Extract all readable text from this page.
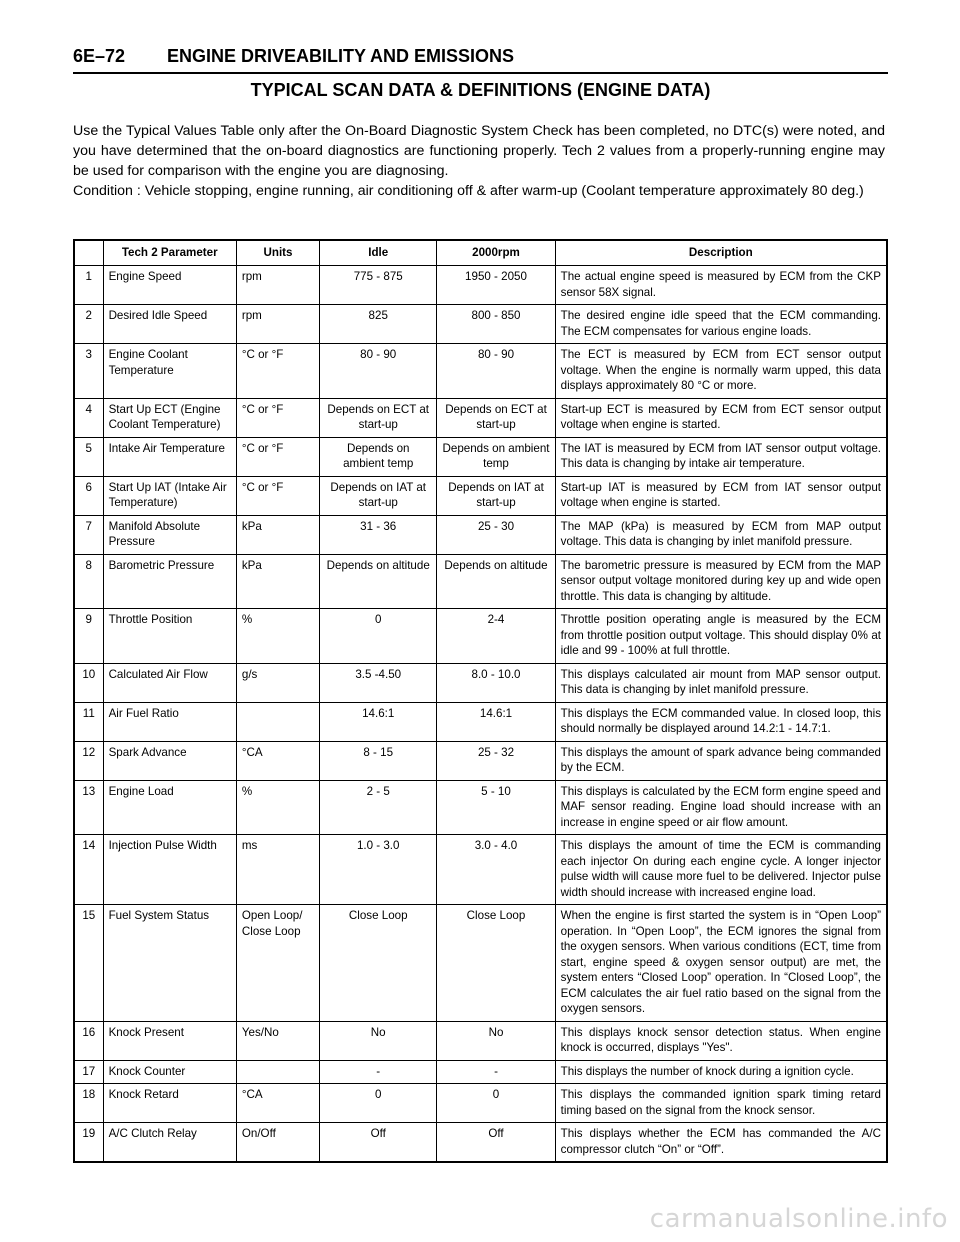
6E–72 ENGINE DRIVEABILITY AND EMISSIONS
TYPICAL SCAN DATA & DEFINITIONS (ENGINE DATA)

Use the Typical Values Table only after the On-Board Diagnostic System Check has been completed, no DTC(s) were noted, and you have determined that the on-board diagnostics are functioning properly. Tech 2 values from a properly-running engine may be used for comparison with the engine you are diagnosing.

Condition : Vehicle stopping, engine running, air conditioning off & after warm-up (Coolant temperature approximately 80 deg.)

	Tech 2 Parameter	Units	Idle	2000rpm	Description
1	Engine Speed	rpm	775 - 875	1950 - 2050	The actual engine speed is measured by ECM from the CKP sensor 58X signal.
2	Desired Idle Speed	rpm	825	800 - 850	The desired engine idle speed that the ECM commanding. The ECM compensates for various engine loads.
3	Engine Coolant Temperature	°C or °F	80 - 90	80 - 90	The ECT is measured by ECM from ECT sensor output voltage. When the engine is normally warm upped, this data displays approximately 80 °C or more.
4	Start Up ECT (Engine Coolant Temperature)	°C or °F	Depends on ECT at start-up	Depends on ECT at start-up	Start-up ECT is measured by ECM from ECT sensor output voltage when engine is started.
5	Intake Air Temperature	°C or °F	Depends on ambient temp	Depends on ambient temp	The IAT is measured by ECM from IAT sensor output voltage. This data is changing by intake air temperature.
6	Start Up IAT (Intake Air Temperature)	°C or °F	Depends on IAT at start-up	Depends on IAT at start-up	Start-up IAT is measured by ECM from IAT sensor output voltage when engine is started.
7	Manifold Absolute Pressure	kPa	31 - 36	25 - 30	The MAP (kPa) is measured by ECM from MAP output voltage. This data is changing by inlet manifold pressure.
8	Barometric Pressure	kPa	Depends on altitude	Depends on altitude	The barometric pressure is measured by ECM from the MAP sensor output voltage monitored during key up and wide open throttle. This data is changing by altitude.
9	Throttle Position	%	0	2-4	Throttle position operating angle is measured by the ECM from throttle position output voltage. This should display 0% at idle and 99 - 100% at full throttle.
10	Calculated Air Flow	g/s	3.5 -4.50	8.0 - 10.0	This displays calculated air mount from MAP sensor output. This data is changing by inlet manifold pressure.
11	Air Fuel Ratio		14.6:1	14.6:1	This displays the ECM commanded value. In closed loop, this should normally be displayed around 14.2:1 - 14.7:1.
12	Spark Advance	°CA	8 - 15	25 - 32	This displays the amount of spark advance being commanded by the ECM.
13	Engine Load	%	2 - 5	5 - 10	This displays is calculated by the ECM form engine speed and MAF sensor reading. Engine load should increase with an increase in engine speed or air flow amount.
14	Injection Pulse Width	ms	1.0 - 3.0	3.0 - 4.0	This displays the amount of time the ECM is commanding each injector On during each engine cycle. A longer injector pulse width will cause more fuel to be delivered. Injector pulse width should increase with increased engine load.
15	Fuel System Status	Open Loop/ Close Loop	Close Loop	Close Loop	When the engine is first started the system is in “Open Loop” operation. In “Open Loop”, the ECM ignores the signal from the oxygen sensors. When various conditions (ECT, time from start, engine speed & oxygen sensor output) are met, the system enters “Closed Loop” operation. In “Closed Loop”, the ECM calculates the air fuel ratio based on the signal from the oxygen sensors.
16	Knock Present	Yes/No	No	No	This displays knock sensor detection status. When engine knock is occurred, displays "Yes".
17	Knock Counter		-	-	This displays the number of knock during a ignition cycle.
18	Knock Retard	°CA	0	0	This displays the commanded ignition spark timing retard timing based on the signal from the knock sensor.
19	A/C Clutch Relay	On/Off	Off	Off	This displays whether the ECM has commanded the A/C compressor clutch “On” or “Off”.
carmanualsonline.info
